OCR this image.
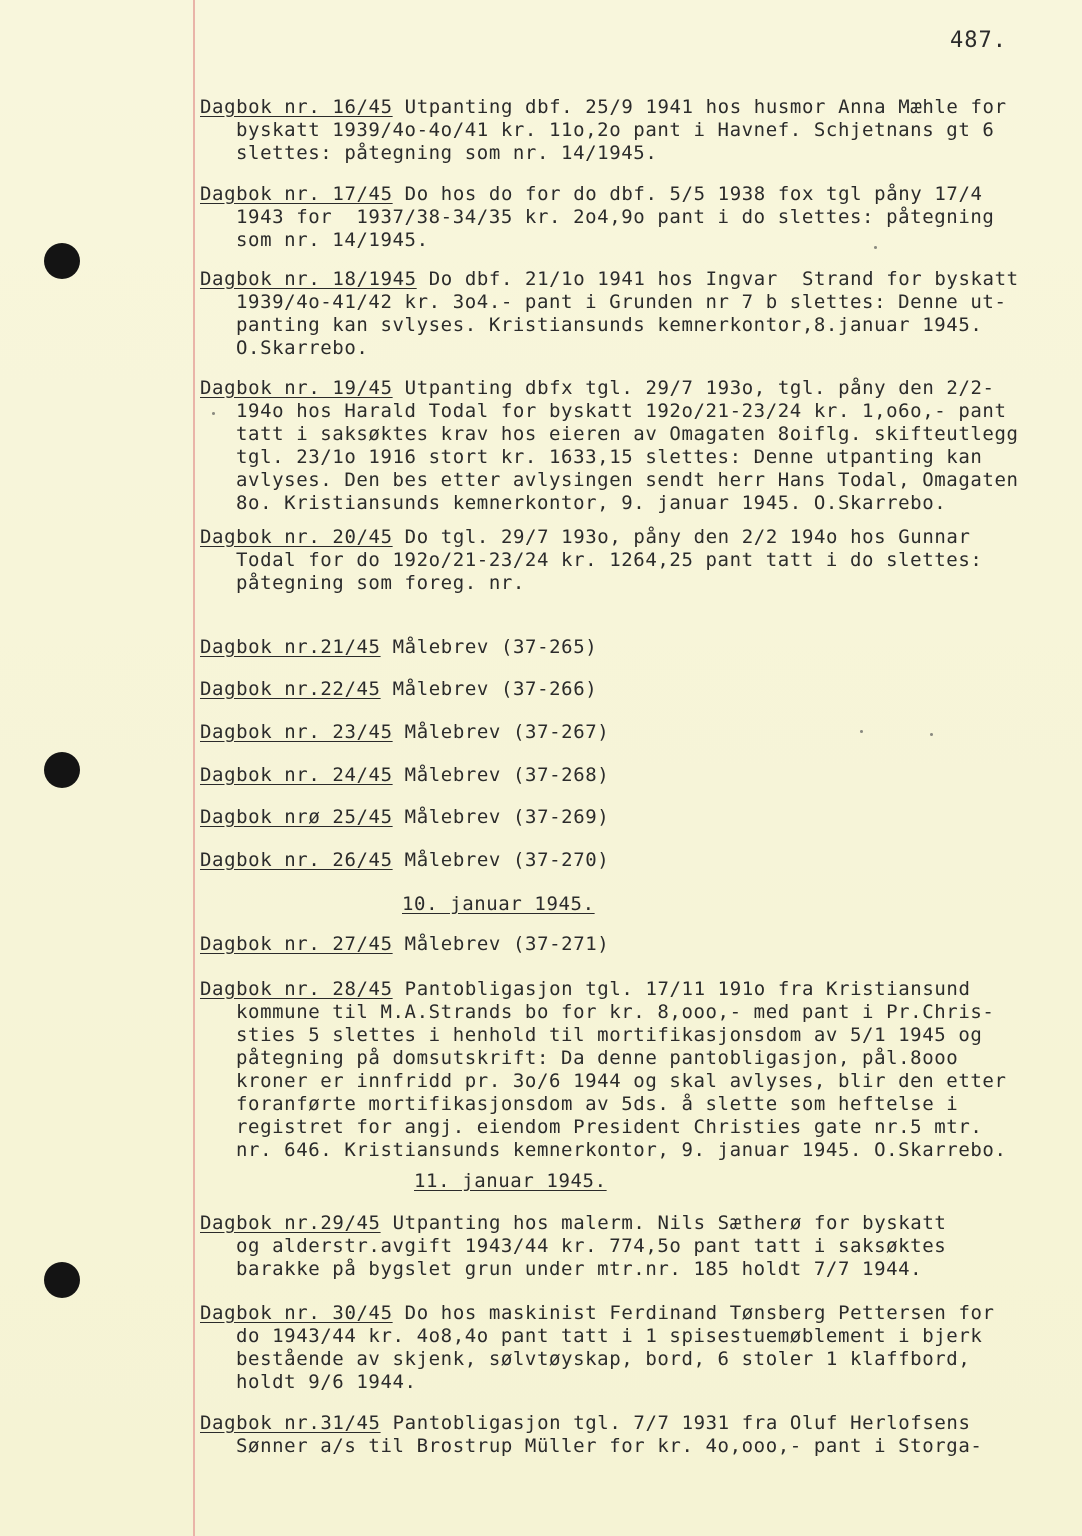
487.
Dagbok nr. 16/45 Utpanting dbf. 25/9 1941 hos husmor Anna Mæhle for
byskatt 1939/4o-4o/41 kr. 11o,2o pant i Havnef. Schjetnans gt 6
slettes: påtegning som nr. 14/1945.
Dagbok nr. 17/45 Do hos do for do dbf. 5/5 1938 fox tgl påny 17/4
1943 for  1937/38-34/35 kr. 2o4,9o pant i do slettes: påtegning
som nr. 14/1945.
Dagbok nr. 18/1945 Do dbf. 21/1o 1941 hos Ingvar  Strand for byskatt
1939/4o-41/42 kr. 3o4.- pant i Grunden nr 7 b slettes: Denne ut-
panting kan svlyses. Kristiansunds kemnerkontor,8.januar 1945.
O.Skarrebo.
Dagbok nr. 19/45 Utpanting dbfx tgl. 29/7 193o, tgl. påny den 2/2-
194o hos Harald Todal for byskatt 192o/21-23/24 kr. 1,o6o,- pant
tatt i saksøktes krav hos eieren av Omagaten 8oiflg. skifteutlegg
tgl. 23/1o 1916 stort kr. 1633,15 slettes: Denne utpanting kan
avlyses. Den bes etter avlysingen sendt herr Hans Todal, Omagaten
8o. Kristiansunds kemnerkontor, 9. januar 1945. O.Skarrebo.
Dagbok nr. 20/45 Do tgl. 29/7 193o, påny den 2/2 194o hos Gunnar
Todal for do 192o/21-23/24 kr. 1264,25 pant tatt i do slettes:
påtegning som foreg. nr.
Dagbok nr.21/45 Målebrev (37-265)
Dagbok nr.22/45 Målebrev (37-266)
Dagbok nr. 23/45 Målebrev (37-267)
Dagbok nr. 24/45 Målebrev (37-268)
Dagbok nrø 25/45 Målebrev (37-269)
Dagbok nr. 26/45 Målebrev (37-270)
10. januar 1945.
Dagbok nr. 27/45 Målebrev (37-271)
Dagbok nr. 28/45 Pantobligasjon tgl. 17/11 191o fra Kristiansund
kommune til M.A.Strands bo for kr. 8,ooo,- med pant i Pr.Chris-
sties 5 slettes i henhold til mortifikasjonsdom av 5/1 1945 og
påtegning på domsutskrift: Da denne pantobligasjon, pål.8ooo
kroner er innfridd pr. 3o/6 1944 og skal avlyses, blir den etter
foranførte mortifikasjonsdom av 5ds. å slette som heftelse i
registret for angj. eiendom President Christies gate nr.5 mtr.
nr. 646. Kristiansunds kemnerkontor, 9. januar 1945. O.Skarrebo.
11. januar 1945.
Dagbok nr.29/45 Utpanting hos malerm. Nils Sætherø for byskatt
og alderstr.avgift 1943/44 kr. 774,5o pant tatt i saksøktes
barakke på bygslet grun under mtr.nr. 185 holdt 7/7 1944.
Dagbok nr. 30/45 Do hos maskinist Ferdinand Tønsberg Pettersen for
do 1943/44 kr. 4o8,4o pant tatt i 1 spisestuemøblement i bjerk
bestående av skjenk, sølvtøyskap, bord, 6 stoler 1 klaffbord,
holdt 9/6 1944.
Dagbok nr.31/45 Pantobligasjon tgl. 7/7 1931 fra Oluf Herlofsens
Sønner a/s til Brostrup Müller for kr. 4o,ooo,- pant i Storga-
